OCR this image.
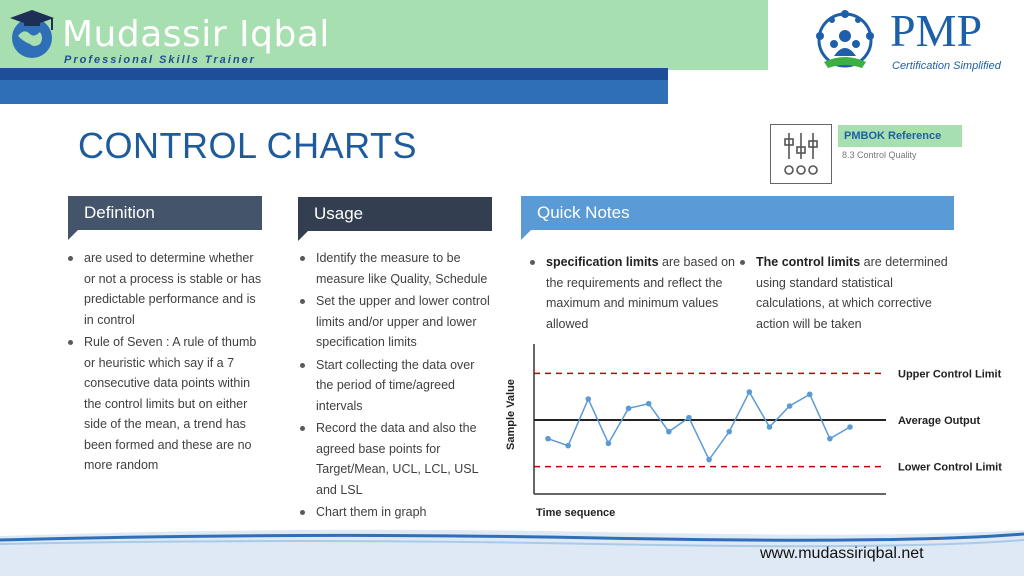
Mudassir Iqbal
Professional Skills Trainer
PMP
Certification Simplified
CONTROL CHARTS	PMBOK Reference
8.3 Control Quality
Definition	Usage	Quick Notes
are used to determine whether or not a process is stable or has predictable performance and is in control
Rule of Seven : A rule of thumb or heuristic which say if a 7 consecutive data points within the control limits but on either side of the mean, a trend has been formed and these are no more random
Identify the measure to be measure like Quality, Schedule
Set the upper and lower control limits and/or upper and lower specification limits
Start collecting the data over the period of time/agreed intervals
Record the data and also the agreed base points for Target/Mean, UCL, LCL, USL and LSL
Chart them in graph
specification limits are based on the requirements and reflect the maximum and minimum values allowed
The control limits are determined using standard statistical calculations, at which corrective action will be taken
Upper Control Limit
Average Output
Lower Control Limit
Sample Value
Time sequence
www.mudassiriqbal.net
